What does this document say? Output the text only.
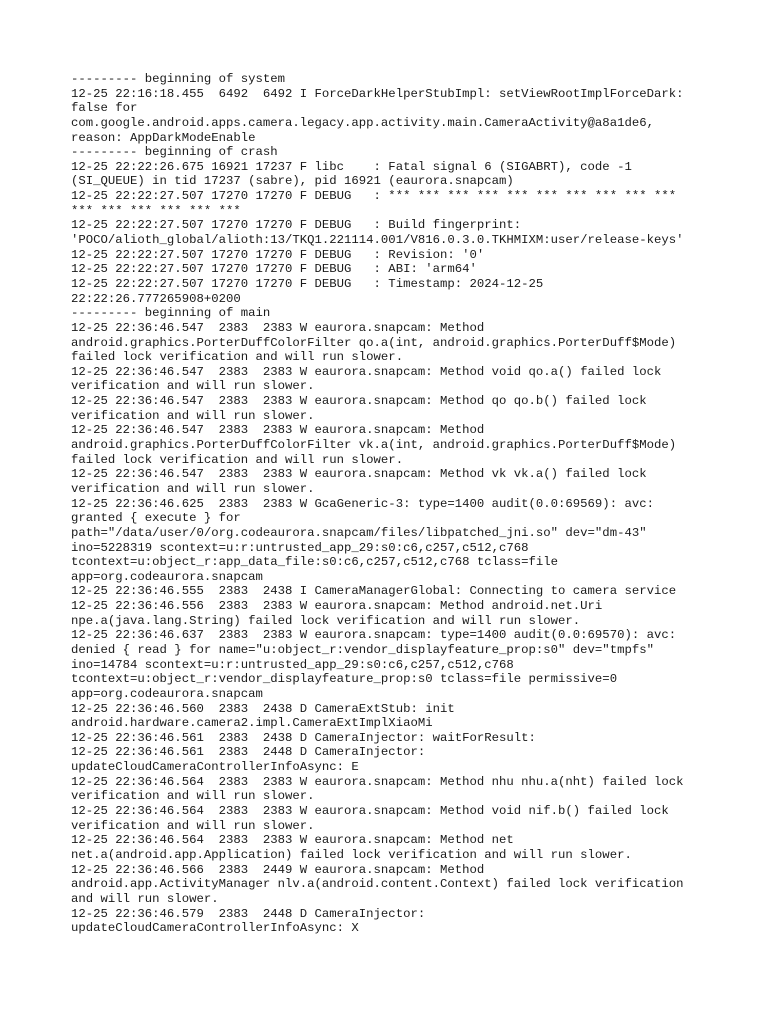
--------- beginning of system
12-25 22:16:18.455  6492  6492 I ForceDarkHelperStubImpl: setViewRootImplForceDark:
false for
com.google.android.apps.camera.legacy.app.activity.main.CameraActivity@a8a1de6,
reason: AppDarkModeEnable
--------- beginning of crash
12-25 22:22:26.675 16921 17237 F libc    : Fatal signal 6 (SIGABRT), code -1
(SI_QUEUE) in tid 17237 (sabre), pid 16921 (eaurora.snapcam)
12-25 22:22:27.507 17270 17270 F DEBUG   : *** *** *** *** *** *** *** *** *** ***
*** *** *** *** *** ***
12-25 22:22:27.507 17270 17270 F DEBUG   : Build fingerprint:
'POCO/alioth_global/alioth:13/TKQ1.221114.001/V816.0.3.0.TKHMIXM:user/release-keys'
12-25 22:22:27.507 17270 17270 F DEBUG   : Revision: '0'
12-25 22:22:27.507 17270 17270 F DEBUG   : ABI: 'arm64'
12-25 22:22:27.507 17270 17270 F DEBUG   : Timestamp: 2024-12-25
22:22:26.777265908+0200
--------- beginning of main
12-25 22:36:46.547  2383  2383 W eaurora.snapcam: Method
android.graphics.PorterDuffColorFilter qo.a(int, android.graphics.PorterDuff$Mode)
failed lock verification and will run slower.
12-25 22:36:46.547  2383  2383 W eaurora.snapcam: Method void qo.a() failed lock
verification and will run slower.
12-25 22:36:46.547  2383  2383 W eaurora.snapcam: Method qo qo.b() failed lock
verification and will run slower.
12-25 22:36:46.547  2383  2383 W eaurora.snapcam: Method
android.graphics.PorterDuffColorFilter vk.a(int, android.graphics.PorterDuff$Mode)
failed lock verification and will run slower.
12-25 22:36:46.547  2383  2383 W eaurora.snapcam: Method vk vk.a() failed lock
verification and will run slower.
12-25 22:36:46.625  2383  2383 W GcaGeneric-3: type=1400 audit(0.0:69569): avc:
granted { execute } for
path="/data/user/0/org.codeaurora.snapcam/files/libpatched_jni.so" dev="dm-43"
ino=5228319 scontext=u:r:untrusted_app_29:s0:c6,c257,c512,c768
tcontext=u:object_r:app_data_file:s0:c6,c257,c512,c768 tclass=file
app=org.codeaurora.snapcam
12-25 22:36:46.555  2383  2438 I CameraManagerGlobal: Connecting to camera service
12-25 22:36:46.556  2383  2383 W eaurora.snapcam: Method android.net.Uri
npe.a(java.lang.String) failed lock verification and will run slower.
12-25 22:36:46.637  2383  2383 W eaurora.snapcam: type=1400 audit(0.0:69570): avc:
denied { read } for name="u:object_r:vendor_displayfeature_prop:s0" dev="tmpfs"
ino=14784 scontext=u:r:untrusted_app_29:s0:c6,c257,c512,c768
tcontext=u:object_r:vendor_displayfeature_prop:s0 tclass=file permissive=0
app=org.codeaurora.snapcam
12-25 22:36:46.560  2383  2438 D CameraExtStub: init
android.hardware.camera2.impl.CameraExtImplXiaoMi
12-25 22:36:46.561  2383  2438 D CameraInjector: waitForResult:
12-25 22:36:46.561  2383  2448 D CameraInjector:
updateCloudCameraControllerInfoAsync: E
12-25 22:36:46.564  2383  2383 W eaurora.snapcam: Method nhu nhu.a(nht) failed lock
verification and will run slower.
12-25 22:36:46.564  2383  2383 W eaurora.snapcam: Method void nif.b() failed lock
verification and will run slower.
12-25 22:36:46.564  2383  2383 W eaurora.snapcam: Method net
net.a(android.app.Application) failed lock verification and will run slower.
12-25 22:36:46.566  2383  2449 W eaurora.snapcam: Method
android.app.ActivityManager nlv.a(android.content.Context) failed lock verification
and will run slower.
12-25 22:36:46.579  2383  2448 D CameraInjector:
updateCloudCameraControllerInfoAsync: X
